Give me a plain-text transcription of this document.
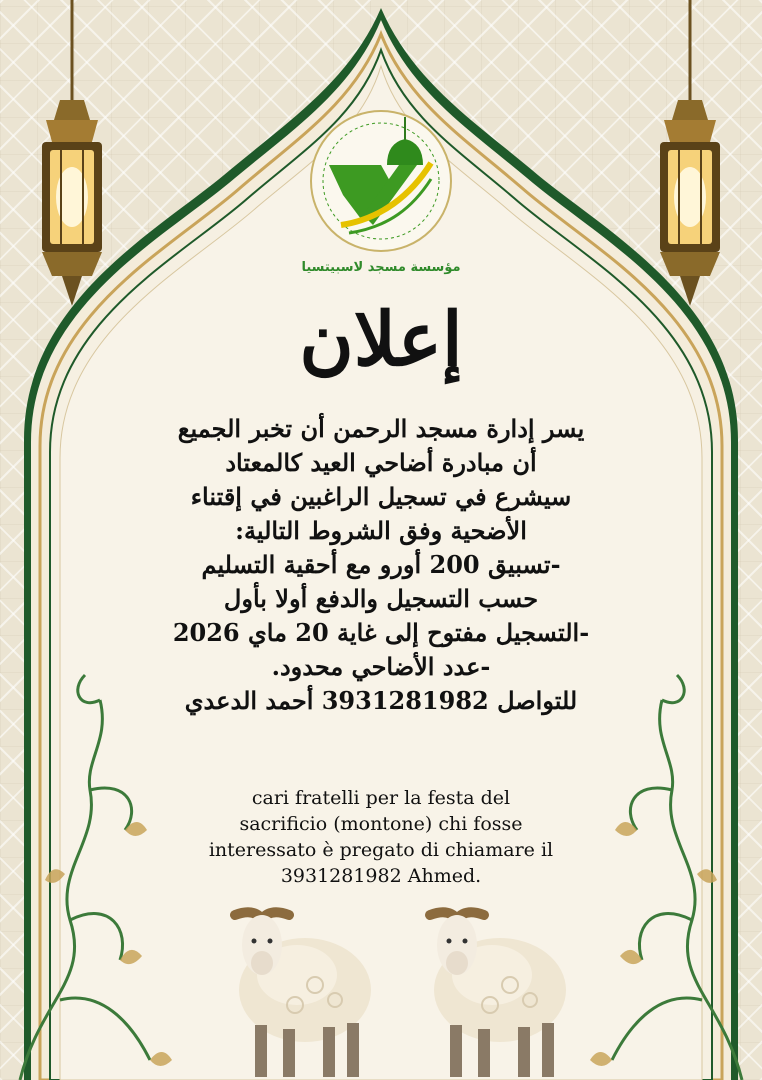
مؤسسة مسجد لاسبيتسيا
إعلان
يسر إدارة مسجد الرحمن أن تخبر الجميع
أن مبادرة أضاحي العيد كالمعتاد
سيشرع في تسجيل الراغبين في إقتناء
الأضحية وفق الشروط التالية:
-تسبيق 200 أورو مع أحقية التسليم
حسب التسجيل والدفع أولا بأول
-التسجيل مفتوح إلى غاية 20 ماي 2026
-عدد الأضاحي محدود.
للتواصل 3931281982 أحمد الدعدي
cari fratelli per la festa del
sacrificio (montone) chi fosse
interessato è pregato di chiamare il
3931281982 Ahmed.
